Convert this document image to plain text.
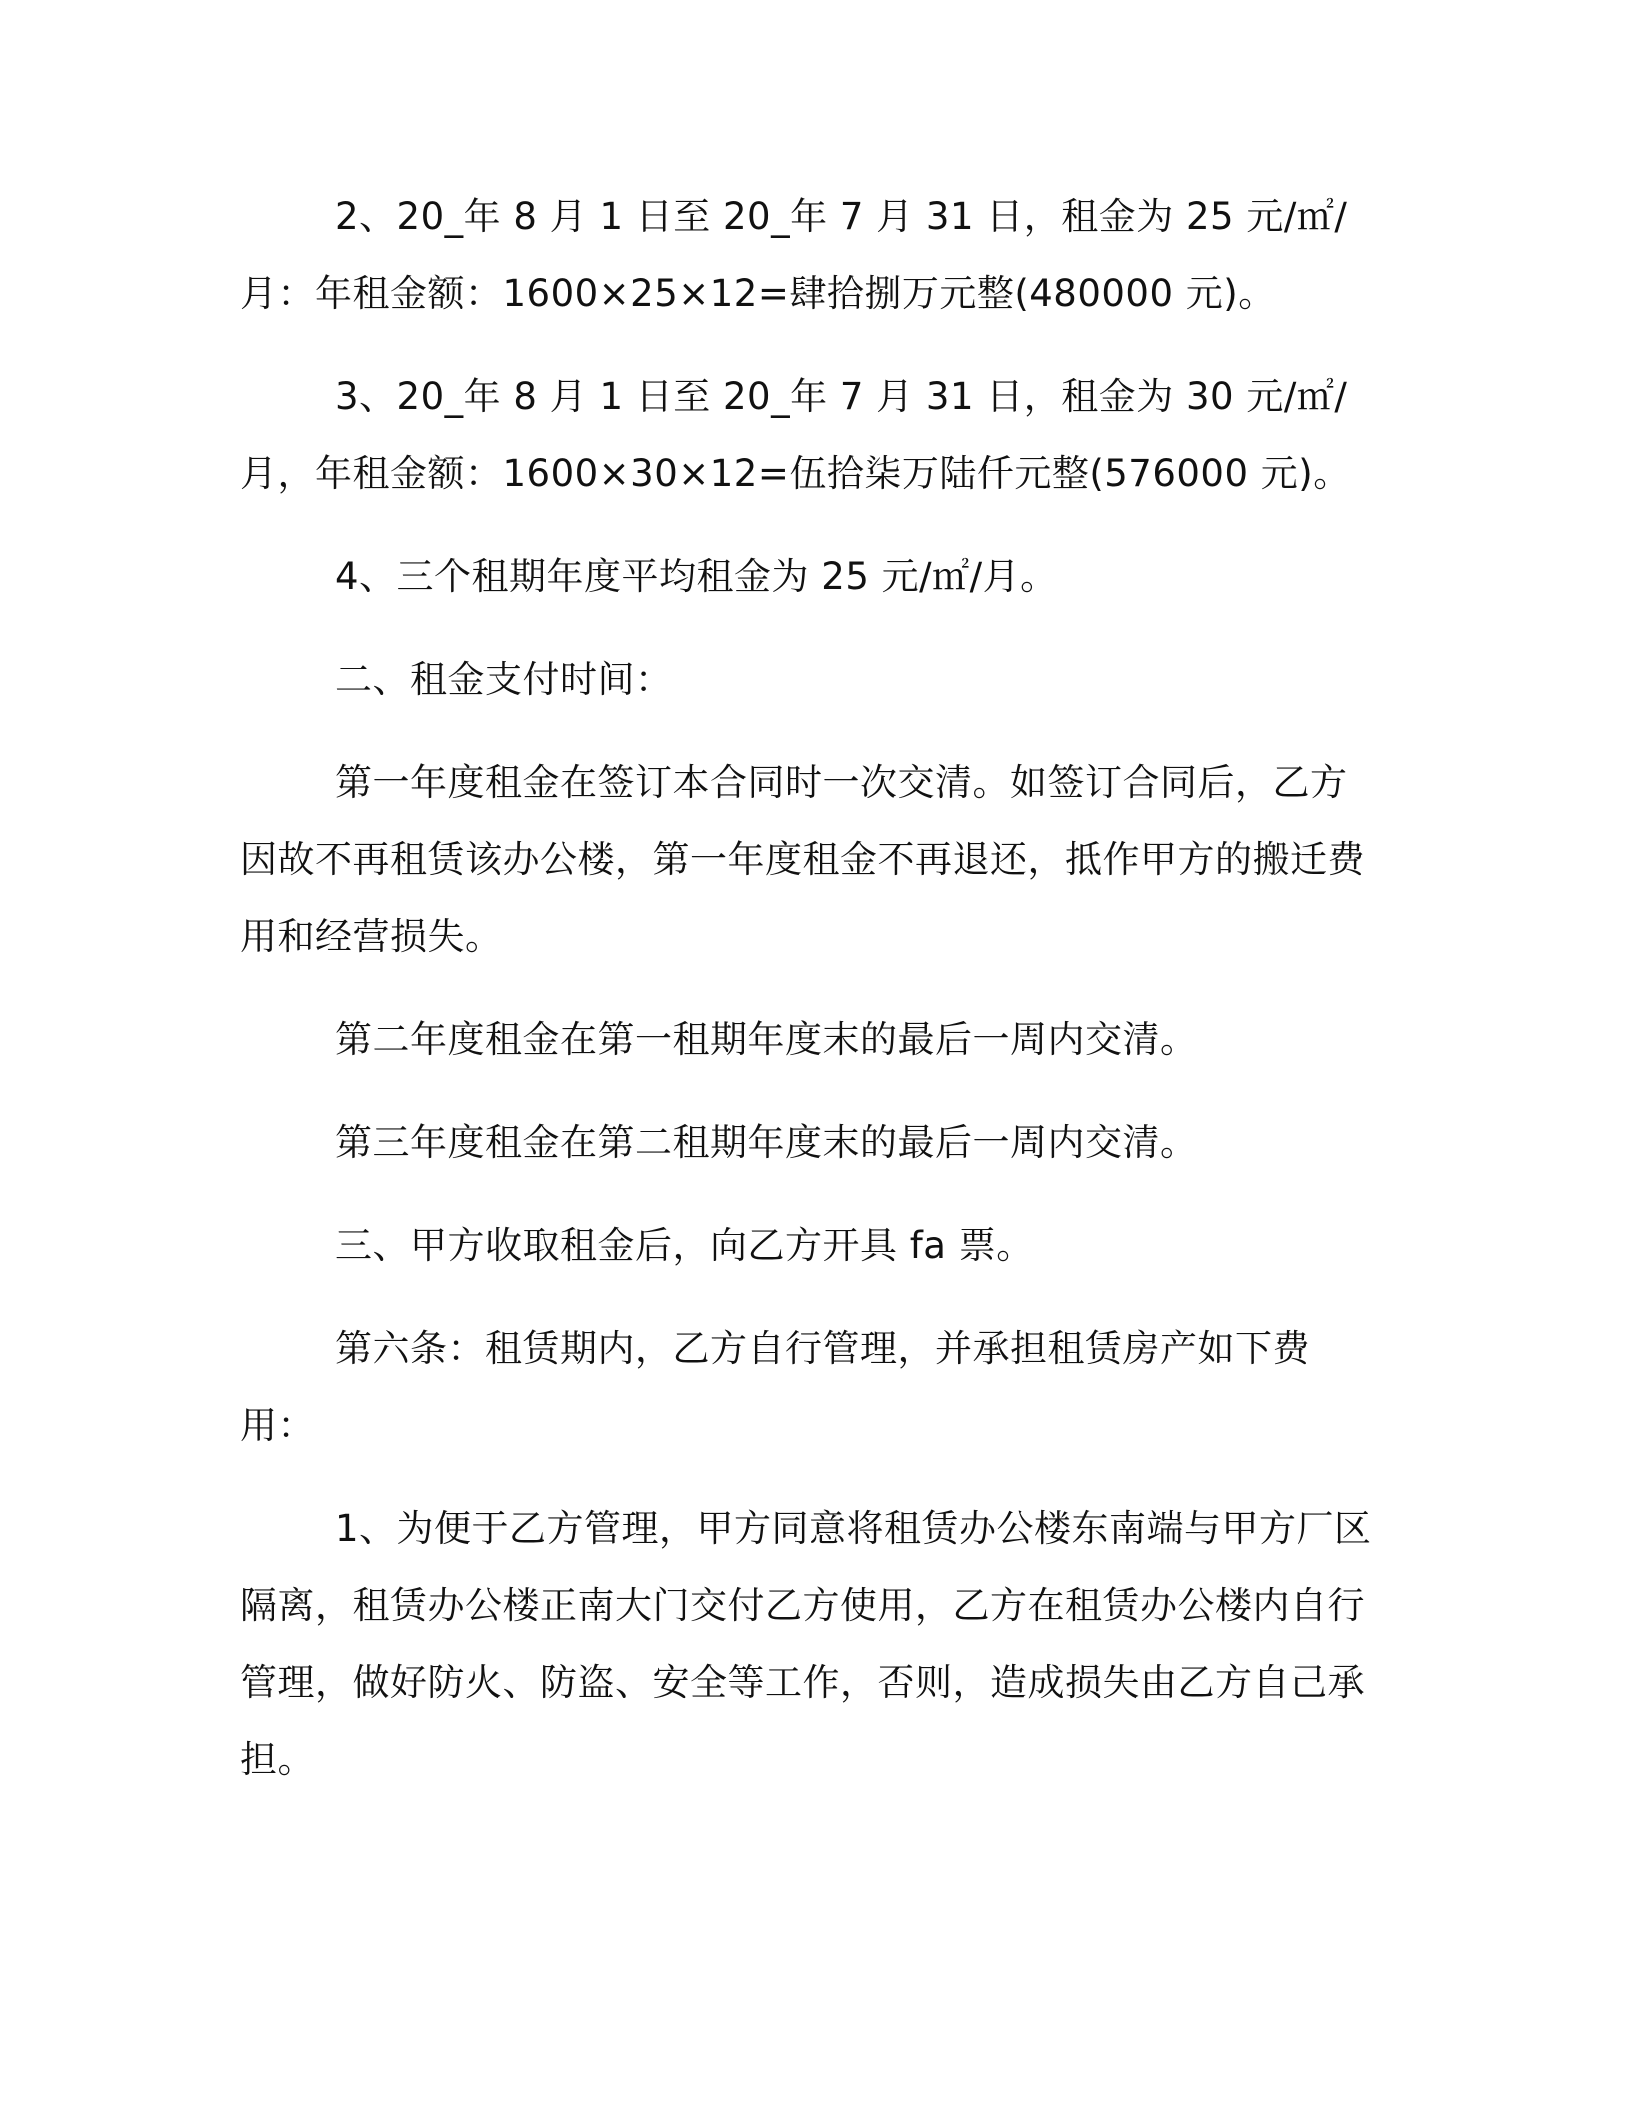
2、20_年 8 月 1 日至 20_年 7 月 31 日，租金为 25 元/㎡/月：年租金额：1600×25×12=肆拾捌万元整(480000 元)。

3、20_年 8 月 1 日至 20_年 7 月 31 日，租金为 30 元/㎡/月，年租金额：1600×30×12=伍拾柒万陆仟元整(576000 元)。

4、三个租期年度平均租金为 25 元/㎡/月。

二、租金支付时间：

第一年度租金在签订本合同时一次交清。如签订合同后，乙方因故不再租赁该办公楼，第一年度租金不再退还，抵作甲方的搬迁费用和经营损失。

第二年度租金在第一租期年度末的最后一周内交清。

第三年度租金在第二租期年度末的最后一周内交清。

三、甲方收取租金后，向乙方开具 fa 票。

第六条：租赁期内，乙方自行管理，并承担租赁房产如下费用：

1、为便于乙方管理，甲方同意将租赁办公楼东南端与甲方厂区隔离，租赁办公楼正南大门交付乙方使用，乙方在租赁办公楼内自行管理，做好防火、防盗、安全等工作，否则，造成损失由乙方自己承担。
